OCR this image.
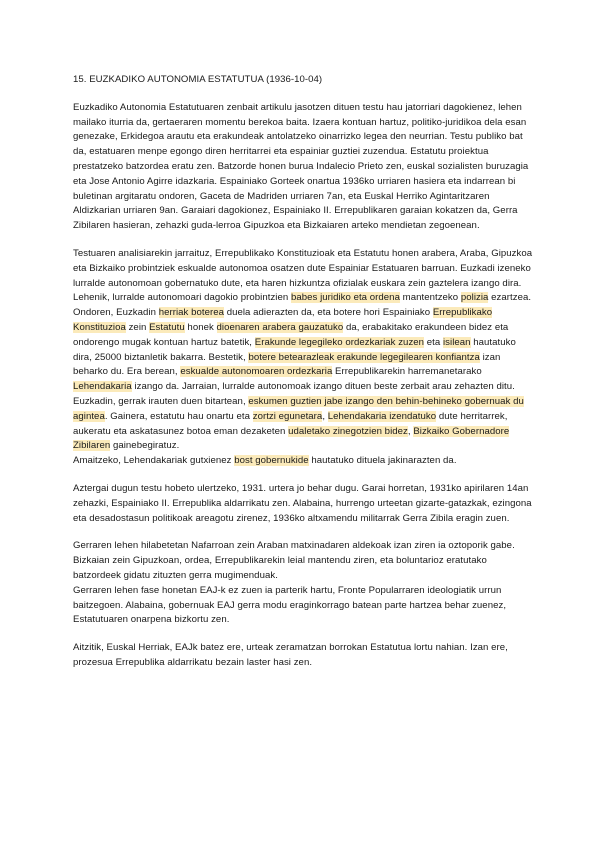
15. EUZKADIKO AUTONOMIA ESTATUTUA (1936-10-04)

Euzkadiko Autonomia Estatutuaren zenbait artikulu jasotzen dituen testu hau jatorriari dagokienez, lehen mailako iturria da, gertaeraren momentu berekoa baita. Izaera kontuan hartuz, politiko-juridikoa dela esan genezake, Erkidegoa arautu eta erakundeak antolatzeko oinarrizko legea den neurrian. Testu publiko bat da, estatuaren menpe egongo diren herritarrei eta espainiar guztiei zuzendua. Estatutu proiektua prestatzeko batzordea eratu zen. Batzorde honen burua Indalecio Prieto zen, euskal sozialisten buruzagia eta Jose Antonio Agirre idazkaria. Espainiako Gorteek onartua 1936ko urriaren hasiera eta indarrean bi buletinan argitaratu ondoren, Gaceta de Madriden urriaren 7an, eta Euskal Herriko Agintaritzaren Aldizkarian urriaren 9an. Garaiari dagokionez, Espainiako II. Errepublikaren garaian kokatzen da, Gerra Zibilaren hasieran, zehazki guda-lerroa Gipuzkoa eta Bizkaiaren arteko mendietan zegoenean.

Testuaren analisiarekin jarraituz, Errepublikako Konstituzioak eta Estatutu honen arabera, Araba, Gipuzkoa eta Bizkaiko probintziek eskualde autonomoa osatzen dute Espainiar Estatuaren barruan. Euzkadi izeneko lurralde autonomoan gobernatuko dute, eta haren hizkuntza ofizialak euskara zein gaztelera izango dira.

Lehenik, lurralde autonomoari dagokio probintzien babes juridiko eta ordena mantentzeko polizia ezartzea.

Ondoren, Euzkadin herriak boterea duela adierazten da, eta botere hori Espainiako Errepublikako Konstituzioa zein Estatutu honek dioenaren arabera gauzatuko da, erabakitako erakundeen bidez eta ondorengo mugak kontuan hartuz batetik, Erakunde legegileko ordezkariak zuzen eta isilean hautatuko dira, 25000 biztanletik bakarra. Bestetik, botere betearazleak erakunde legegilearen konfiantza izan beharko du. Era berean, eskualde autonomoaren ordezkaria Errepublikarekin harremanetarako Lehendakaria izango da. Jarraian, lurralde autonomoak izango dituen beste zerbait arau zehazten ditu. Euzkadin, gerrak irauten duen bitartean, eskumen guztien jabe izango den behin-behineko gobernuak du agintea. Gainera, estatutu hau onartu eta zortzi egunetara, Lehendakaria izendatuko dute herritarrek, aukeratu eta askatasunez botoa eman dezaketen udaletako zinegotzien bidez, Bizkaiko Gobernadore Zibilaren gainebegiratuz.

Amaitzeko, Lehendakariak gutxienez bost gobernukide hautatuko dituela jakinarazten da.

Aztergai dugun testu hobeto ulertzeko, 1931. urtera jo behar dugu. Garai horretan, 1931ko apirilaren 14an zehazki, Espainiako II. Errepublika aldarrikatu zen. Alabaina, hurrengo urteetan gizarte-gatazkak, ezingona eta desadostasun politikoak areagotu zirenez, 1936ko altxamendu militarrak Gerra Zibila eragin zuen.

Gerraren lehen hilabetetan Nafarroan zein Araban matxinadaren aldekoak izan ziren ia oztoporik gabe. Bizkaian zein Gipuzkoan, ordea, Errepublikarekin leial mantendu ziren, eta boluntarioz eratutako batzordeek gidatu zituzten gerra mugimenduak.

Gerraren lehen fase honetan EAJ-k ez zuen ia parterik hartu, Fronte Popularraren ideologiatik urrun baitzegoen. Alabaina, gobernuak EAJ gerra modu eraginkorrago batean parte hartzea behar zuenez, Estatutuaren onarpena bizkortu zen.

Aitzitik, Euskal Herriak, EAJk batez ere, urteak zeramatzan borrokan Estatutua lortu nahian. Izan ere, prozesua Errepublika aldarrikatu bezain laster hasi zen.
